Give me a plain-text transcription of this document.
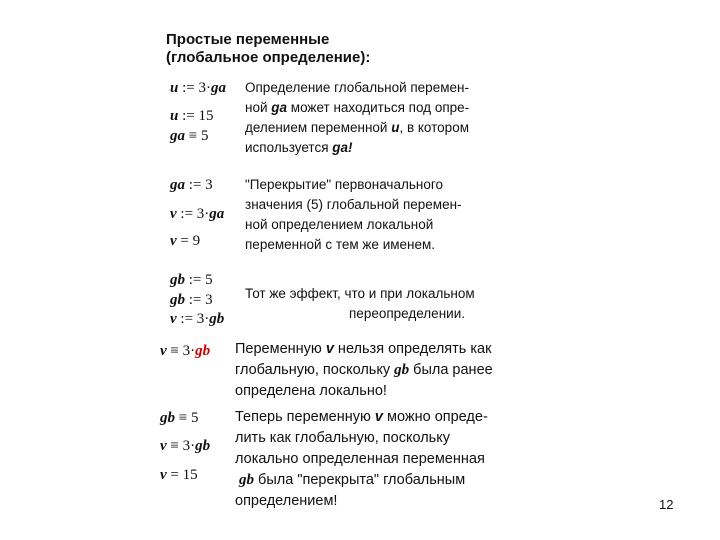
Простые переменные
(глобальное определение):
u := 3·ga
u := 15
ga ≡ 5
Определение глобальной перемен-
ной ga может находиться под опре-
делением переменной u, в котором
используется ga!
ga := 3
v := 3·ga
v = 9
"Перекрытие" первоначального
значения (5) глобальной перемен-
ной определением локальной
переменной с тем же именем.
gb := 5
gb := 3
v := 3·gb
Тот же эффект, что и при локальном
переопределении.
v ≡ 3·gb Переменную v нельзя определять как
глобальную, поскольку gb была ранее
определена локально!
gb ≡ 5
v ≡ 3·gb
v = 15
Теперь переменную v можно опреде-
лить как глобальную, поскольку
локально определенная переменная
gb была "перекрыта" глобальным
определением!	12
